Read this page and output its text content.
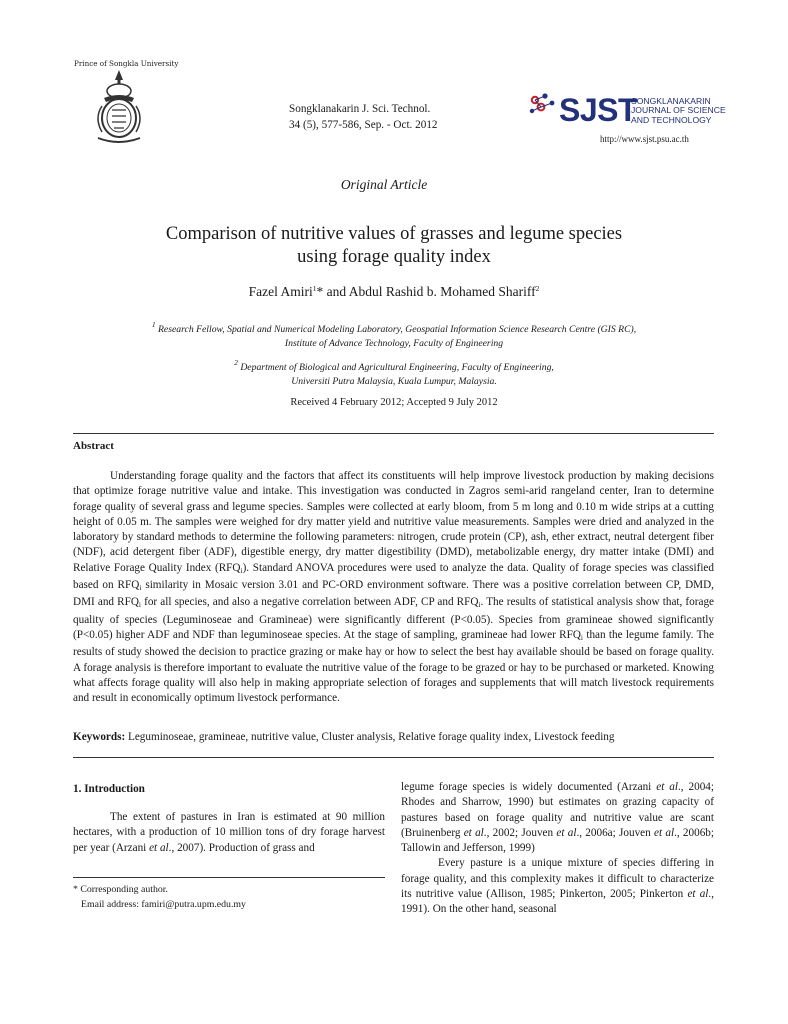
Prince of Songkla University
Songklanakarin J. Sci. Technol.
34 (5), 577-586, Sep. - Oct. 2012	SJST
SONGKLANAKARIN
JOURNAL OF SCIENCE
AND TECHNOLOGY
http://www.sjst.psu.ac.th
Original Article
Comparison of nutritive values of grasses and legume species
using forage quality index
Fazel Amiri$^1$* and Abdul Rashid b. Mohamed Shariff$^2$
$^1$ Research Fellow, Spatial and Numerical Modeling Laboratory, Geospatial Information Science Research Centre (GIS RC),
Institute of Advance Technology, Faculty of Engineering
$^2$ Department of Biological and Agricultural Engineering, Faculty of Engineering,
Universiti Putra Malaysia, Kuala Lumpur, Malaysia.
Received 4 February 2012; Accepted 9 July 2012
Abstract
Understanding forage quality and the factors that affect its constituents will help improve livestock production by making decisions that optimize forage nutritive value and intake. This investigation was conducted in Zagros semi-arid rangeland center, Iran to determine forage quality of several grass and legume species. Samples were collected at early bloom, from 5 m long and 0.10 m wide strips at a cutting height of 0.05 m. The samples were weighed for dry matter yield and nutritive value measurements. Samples were dried and analyzed in the laboratory by standard methods to determine the following parameters: nitrogen, crude protein (CP), ash, ether extract, neutral detergent fiber (NDF), acid detergent fiber (ADF), digestible energy, dry matter digestibility (DMD), metabolizable energy, dry matter intake (DMI) and Relative Forage Quality Index $(RFQ_i)$. Standard ANOVA procedures were used to analyze the data. Quality of forage species was classified based on $RFQ_i$ similarity in Mosaic version 3.01 and PC-ORD environment software. There was a positive correlation between CP, DMD, DMI and $RFQ_i$ for all species, and also a negative correlation between ADF, CP and $RFQ_i$. The results of statistical analysis show that, forage quality of species (Leguminoseae and Gramineae) were significantly different (P<0.05). Species from gramineae showed significantly (P<0.05) higher ADF and NDF than leguminoseae species. At the stage of sampling, gramineae had lower $RFQ_i$ than the legume family. The results of study showed the decision to practice grazing or make hay or how to select the best hay available should be based on forage quality. A forage analysis is therefore important to evaluate the nutritive value of the forage to be grazed or hay to be purchased or marketed. Knowing what affects forage quality will also help in making appropriate selection of forages and supplements that will match livestock requirements and result in economically optimum livestock performance.
Keywords: Leguminoseae, gramineae, nutritive value, Cluster analysis, Relative forage quality index, Livestock feeding
1. Introduction
The extent of pastures in Iran is estimated at 90 million hectares, with a production of 10 million tons of dry forage harvest per year (Arzani et al., 2007). Production of grass and
* Corresponding author.
Email address: famiri@putra.upm.edu.my

legume forage species is widely documented (Arzani et al., 2004; Rhodes and Sharrow, 1990) but estimates on grazing capacity of pastures based on forage quality and nutritive value are scant (Bruinenberg et al., 2002; Jouven et al., 2006a; Jouven et al., 2006b; Tallowin and Jefferson, 1999)

Every pasture is a unique mixture of species differing in forage quality, and this complexity makes it difficult to characterize its nutritive value (Allison, 1985; Pinkerton, 2005; Pinkerton et al., 1991). On the other hand, seasonal
